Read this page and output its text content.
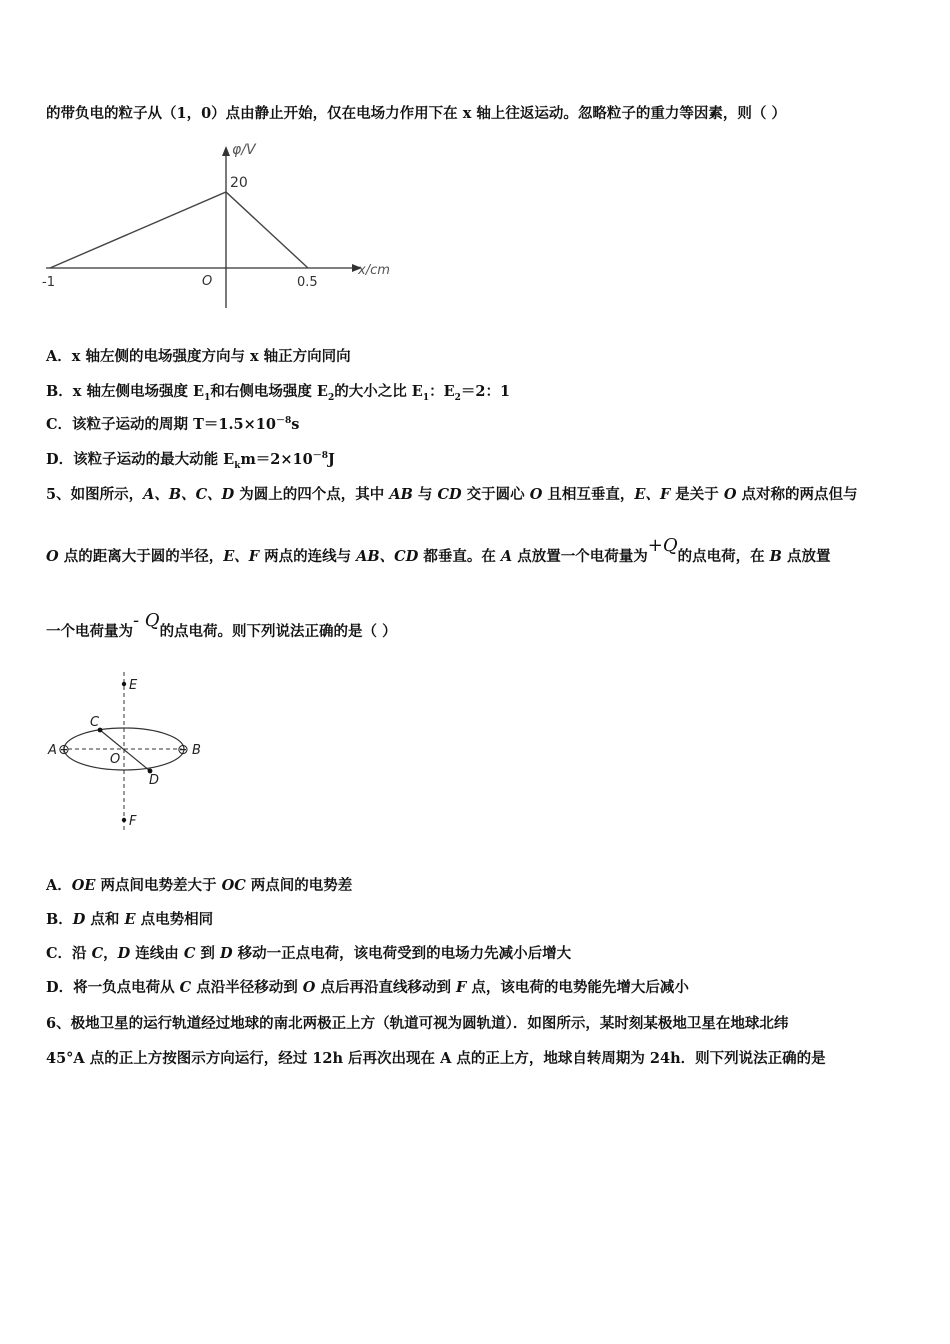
的带负电的粒子从（1，0）点由静止开始，仅在电场力作用下在 x 轴上往返运动。忽略粒子的重力等因素，则（ ）
φ/V
20
O
-1	0.5
x/cm
A．x 轴左侧的电场强度方向与 x 轴正方向同向
B．x 轴左侧电场强度 $E_1$和右侧电场强度 $E_2$的大小之比 $E_1$：$E_2=2$：1
C．该粒子运动的周期 $T=1.5\times 10^{-8}s$
D．该粒子运动的最大动能 $E_km=2\times 10^{-8}J$
5、如图所示，A、B、C、D 为圆上的四个点，其中 AB 与 CD 交于圆心 O 且相互垂直，E、F 是关于 O 点对称的两点但与
O 点的距离大于圆的半径，E、F 两点的连线与 AB、CD 都垂直。在 A 点放置一个电荷量为+Q的点电荷，在 B 点放置
一个电荷量为- Q的点电荷。则下列说法正确的是（ ）
E
F
C
D
A ⊕	⊖ B
O
A．OE 两点间电势差大于 OC 两点间的电势差
B．D 点和 E 点电势相同
C．沿 C，D 连线由 C 到 D 移动一正点电荷，该电荷受到的电场力先减小后增大
D．将一负点电荷从 C 点沿半径移动到 O 点后再沿直线移动到 F 点，该电荷的电势能先增大后减小
6、极地卫星的运行轨道经过地球的南北两极正上方（轨道可视为圆轨道）．如图所示，某时刻某极地卫星在地球北纬
45°A 点的正上方按图示方向运行，经过 12h 后再次出现在 A 点的正上方，地球自转周期为 24h．则下列说法正确的是
